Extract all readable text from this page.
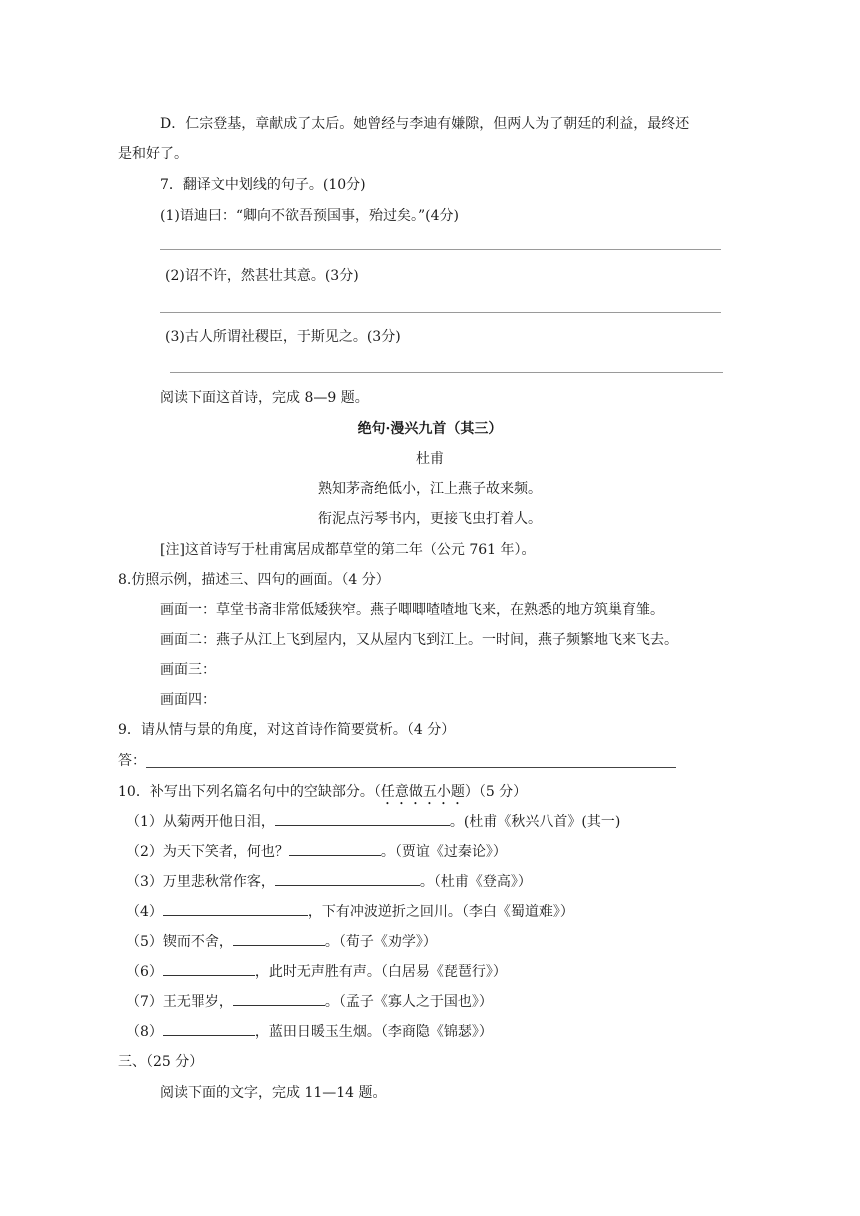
D．仁宗登基，章献成了太后。她曾经与李迪有嫌隙，但两人为了朝廷的利益，最终还
是和好了。
7．翻译文中划线的句子。(10分)
(1)语迪曰：“卿向不欲吾预国事，殆过矣。”(4分)
(2)诏不许，然甚壮其意。(3分)
(3)古人所谓社稷臣，于斯见之。(3分)
阅读下面这首诗，完成 8—9 题。
绝句·漫兴九首（其三）
杜甫
熟知茅斋绝低小，江上燕子故来频。
衔泥点污琴书内，更接飞虫打着人。
[注]这首诗写于杜甫寓居成都草堂的第二年（公元 761 年）。
8.仿照示例，描述三、四句的画面。（4 分）
画面一：草堂书斋非常低矮狭窄。燕子唧唧喳喳地飞来，在熟悉的地方筑巢育雏。
画面二：燕子从江上飞到屋内，又从屋内飞到江上。一时间，燕子频繁地飞来飞去。
画面三：
画面四：
9．请从情与景的角度，对这首诗作简要赏析。（4 分）
答：
10．补写出下列名篇名句中的空缺部分。（任意做五小题）（5 分）
（1）从菊两开他日泪，	。(杜甫《秋兴八首》(其一)
（2）为天下笑者，何也？	。（贾谊《过秦论》）
（3）万里悲秋常作客，	。（杜甫《登高》）
（4）	，下有冲波逆折之回川。（李白《蜀道难》）
（5）锲而不舍，	。（荀子《劝学》）
（6）	，此时无声胜有声。（白居易《琵琶行》）
（7）王无罪岁，	。（孟子《寡人之于国也》）
（8）	，蓝田日暖玉生烟。（李商隐《锦瑟》）
三、（25 分）
阅读下面的文字，完成 11—14 题。
